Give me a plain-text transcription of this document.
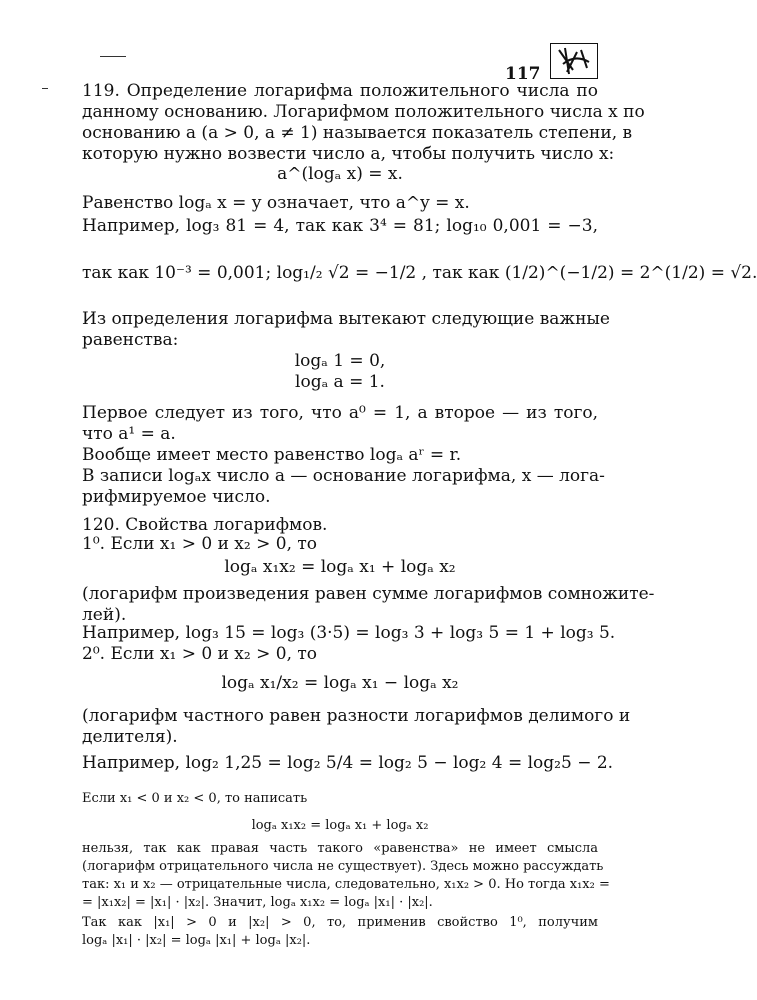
117
119. Определение логарифма положительного числа по
данному основанию. Логарифмом положительного числа x по
основанию a (a > 0, a ≠ 1) называется показатель степени, в
которую нужно возвести число a, чтобы получить число x:
a^(logₐ x) = x.
Равенство logₐ x = y означает, что a^y = x.
Например, log₃ 81 = 4, так как 3⁴ = 81; log₁₀ 0,001 = −3,
так как 10⁻³ = 0,001; log₁/₂ √2 = −1/2 , так как (1/2)^(−1/2) = 2^(1/2) = √2.
Из определения логарифма вытекают следующие важные
равенства:
logₐ 1 = 0,
logₐ a = 1.
Первое следует из того, что a⁰ = 1, а второе — из того,
что a¹ = a.
Вообще имеет место равенство logₐ aʳ = r.
В записи logₐx число a — основание логарифма, x — лога-
рифмируемое число.
120. Свойства логарифмов.
1⁰. Если x₁ > 0 и x₂ > 0, то
logₐ x₁x₂ = logₐ x₁ + logₐ x₂
(логарифм произведения равен сумме логарифмов сомножите-
лей).
Например, log₃ 15 = log₃ (3·5) = log₃ 3 + log₃ 5 = 1 + log₃ 5.
2⁰. Если x₁ > 0 и x₂ > 0, то
logₐ x₁/x₂ = logₐ x₁ − logₐ x₂
(логарифм частного равен разности логарифмов делимого и
делителя).
Например, log₂ 1,25 = log₂ 5/4 = log₂ 5 − log₂ 4 = log₂5 − 2.
Если x₁ < 0 и x₂ < 0, то написать
logₐ x₁x₂ = logₐ x₁ + logₐ x₂
нельзя, так как правая часть такого «равенства» не имеет смысла
(логарифм отрицательного числа не существует). Здесь можно рассуждать
так: x₁ и x₂ — отрицательные числа, следовательно, x₁x₂ > 0. Но тогда x₁x₂ =
= |x₁x₂| = |x₁| · |x₂|. Значит, logₐ x₁x₂ = logₐ |x₁| · |x₂|.
Так как |x₁| > 0 и |x₂| > 0, то, применив свойство 1⁰, получим
logₐ |x₁| · |x₂| = logₐ |x₁| + logₐ |x₂|.
